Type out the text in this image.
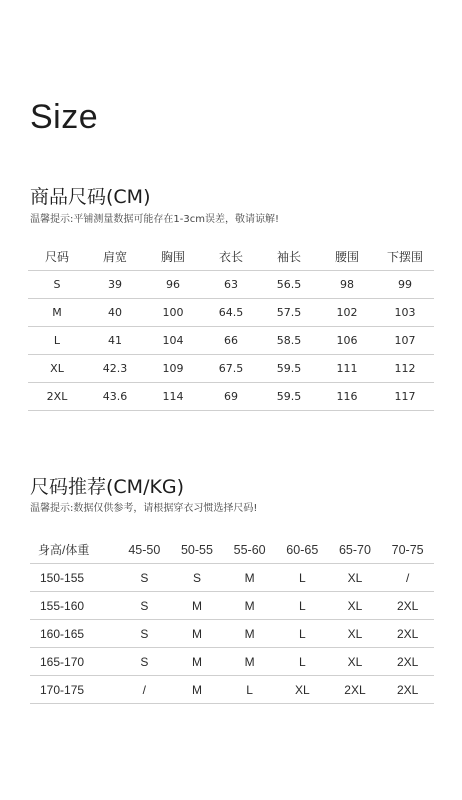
Size
商品尺码(CM)
温馨提示:平铺测量数据可能存在1-3cm误差，敬请谅解!
尺码	肩宽	胸围	衣长	袖长	腰围	下摆围
S	39	96	63	56.5	98	99
M	40	100	64.5	57.5	102	103
L	41	104	66	58.5	106	107
XL	42.3	109	67.5	59.5	111	112
2XL	43.6	114	69	59.5	116	117
尺码推荐(CM/KG)
温馨提示:数据仅供参考，请根据穿衣习惯选择尺码!
身高/体重	45-50	50-55	55-60	60-65	65-70	70-75
150-155	S	S	M	L	XL	/
155-160	S	M	M	L	XL	2XL
160-165	S	M	M	L	XL	2XL
165-170	S	M	M	L	XL	2XL
170-175	/	M	L	XL	2XL	2XL
